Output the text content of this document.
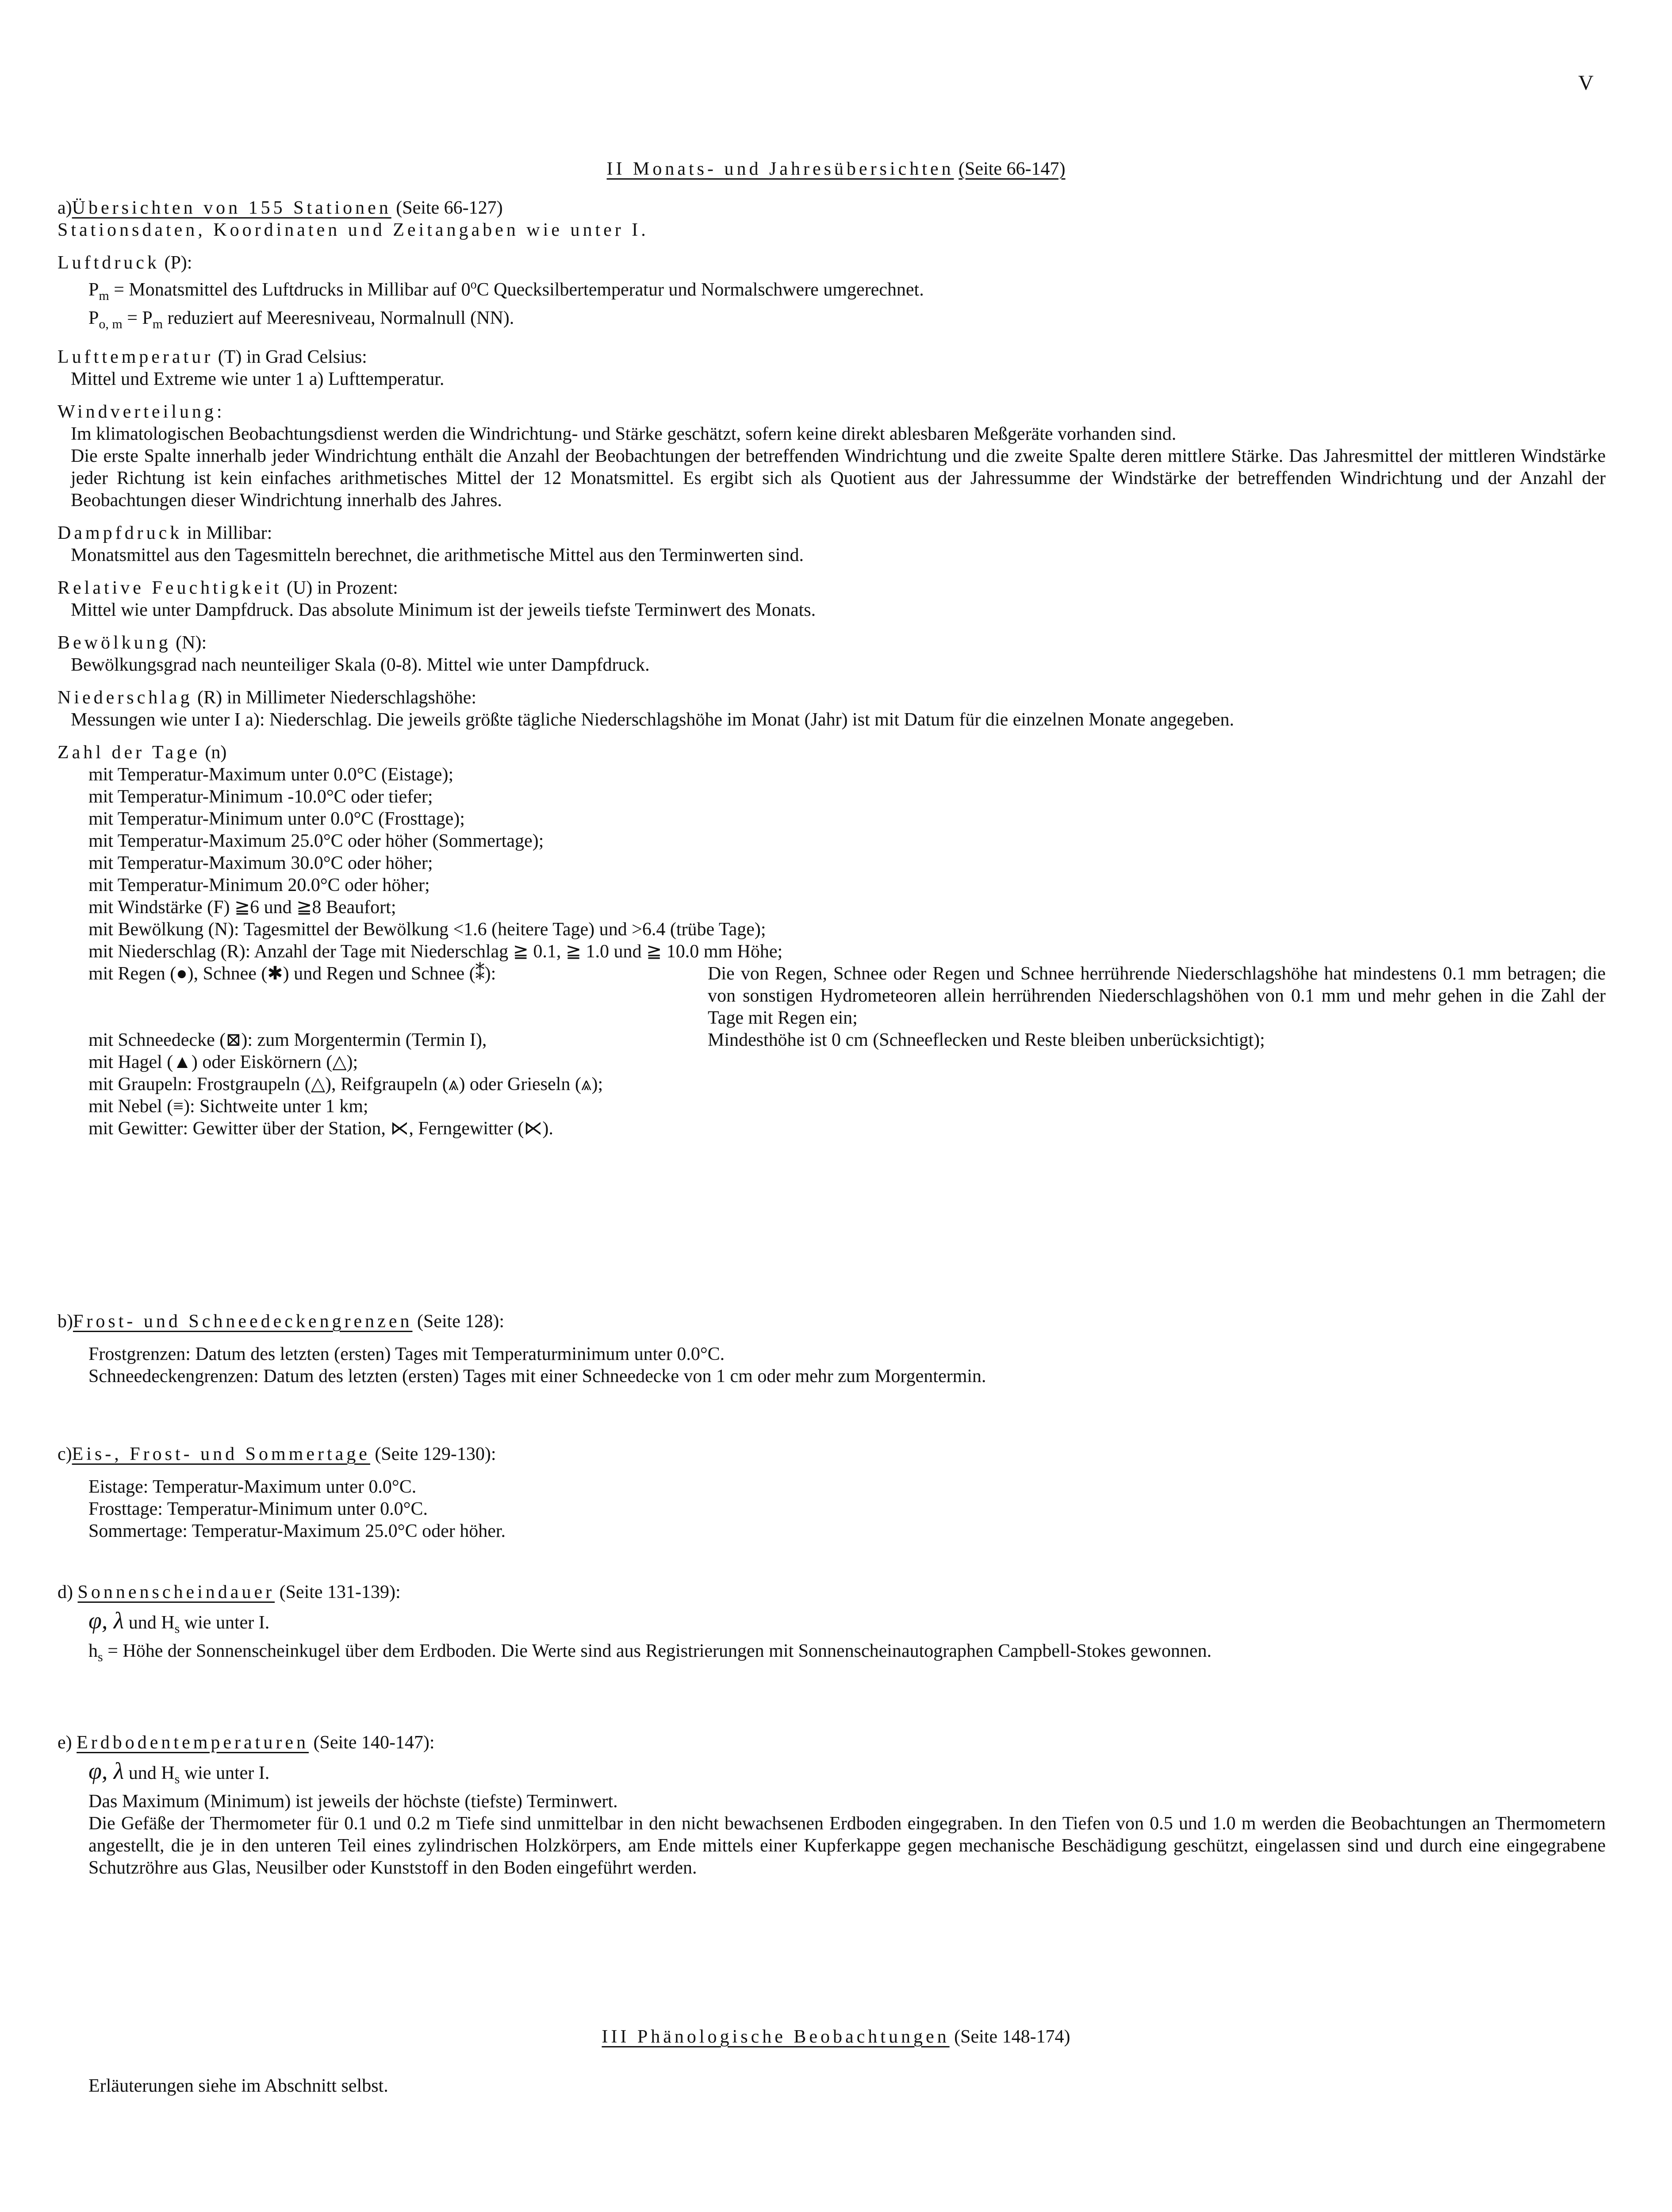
V
II Monats- und Jahresübersichten (Seite 66-147)
a)Übersichten von 155 Stationen (Seite 66-127)
Stationsdaten, Koordinaten und Zeitangaben wie unter I.
Luftdruck (P):
$P_m$ = Monatsmittel des Luftdrucks in Millibar auf 0$^o$C Quecksilbertemperatur und Normalschwere umgerechnet.
$P_{o, m} = P_m$ reduziert auf Meeresniveau, Normalnull (NN).
Lufttemperatur (T) in Grad Celsius:
Mittel und Extreme wie unter 1 a) Lufttemperatur.
Windverteilung:
Im klimatologischen Beobachtungsdienst werden die Windrichtung- und Stärke geschätzt, sofern keine direkt ablesbaren Meßgeräte vorhanden sind.
Die erste Spalte innerhalb jeder Windrichtung enthält die Anzahl der Beobachtungen der betreffenden Windrichtung und die zweite Spalte deren mittlere Stärke. Das Jahresmittel der mittleren Windstärke jeder Richtung ist kein einfaches arithmetisches Mittel der 12 Monatsmittel. Es ergibt sich als Quotient aus der Jahressumme der Windstärke der betreffenden Windrichtung und der Anzahl der Beobachtungen dieser Windrichtung innerhalb des Jahres.
Dampfdruck in Millibar:
Monatsmittel aus den Tagesmitteln berechnet, die arithmetische Mittel aus den Terminwerten sind.
Relative Feuchtigkeit (U) in Prozent:
Mittel wie unter Dampfdruck. Das absolute Minimum ist der jeweils tiefste Terminwert des Monats.
Bewölkung (N):
Bewölkungsgrad nach neunteiliger Skala (0-8). Mittel wie unter Dampfdruck.
Niederschlag (R) in Millimeter Niederschlagshöhe:
Messungen wie unter I a): Niederschlag. Die jeweils größte tägliche Niederschlagshöhe im Monat (Jahr) ist mit Datum für die einzelnen Monate angegeben.
Zahl der Tage (n)
mit Temperatur-Maximum unter 0.0°C (Eistage);
mit Temperatur-Minimum -10.0°C oder tiefer;
mit Temperatur-Minimum unter 0.0°C (Frosttage);
mit Temperatur-Maximum 25.0°C oder höher (Sommertage);
mit Temperatur-Maximum 30.0°C oder höher;
mit Temperatur-Minimum 20.0°C oder höher;
mit Windstärke (F) ≧6 und ≧8 Beaufort;
mit Bewölkung (N): Tagesmittel der Bewölkung <1.6 (heitere Tage) und >6.4 (trübe Tage);
mit Niederschlag (R): Anzahl der Tage mit Niederschlag ≧ 0.1, ≧ 1.0 und ≧ 10.0 mm Höhe;
mit Regen (●), Schnee (✱) und Regen und Schnee (⁑):	Die von Regen, Schnee oder Regen und Schnee herrührende Niederschlagshöhe hat mindestens 0.1 mm betragen; die von sonstigen Hydrometeoren allein herrührenden Niederschlagshöhen von 0.1 mm und mehr gehen in die Zahl der Tage mit Regen ein;
mit Schneedecke (⊠): zum Morgentermin (Termin I),	Mindesthöhe ist 0 cm (Schneeflecken und Reste bleiben unberücksichtigt);
mit Hagel (▲) oder Eiskörnern (△);
mit Graupeln: Frostgraupeln (△), Reifgraupeln (⩓) oder Grieseln (⩓);
mit Nebel (≡): Sichtweite unter 1 km;
mit Gewitter: Gewitter über der Station, ⋉, Ferngewitter (⋉).
b)Frost- und Schneedeckengrenzen (Seite 128):
Frostgrenzen: Datum des letzten (ersten) Tages mit Temperaturminimum unter 0.0°C.
Schneedeckengrenzen: Datum des letzten (ersten) Tages mit einer Schneedecke von 1 cm oder mehr zum Morgentermin.
c)Eis-, Frost- und Sommertage (Seite 129-130):
Eistage: Temperatur-Maximum unter 0.0°C.
Frosttage: Temperatur-Minimum unter 0.0°C.
Sommertage: Temperatur-Maximum 25.0°C oder höher.
d) Sonnenscheindauer (Seite 131-139):
φ, λ und $H_s$ wie unter I.
$h_s$ = Höhe der Sonnenscheinkugel über dem Erdboden. Die Werte sind aus Registrierungen mit Sonnenscheinautographen Campbell-Stokes gewonnen.
e) Erdbodentemperaturen (Seite 140-147):
φ, λ und $H_s$ wie unter I.
Das Maximum (Minimum) ist jeweils der höchste (tiefste) Terminwert.
Die Gefäße der Thermometer für 0.1 und 0.2 m Tiefe sind unmittelbar in den nicht bewachsenen Erdboden eingegraben. In den Tiefen von 0.5 und 1.0 m werden die Beobachtungen an Thermometern angestellt, die je in den unteren Teil eines zylindrischen Holzkörpers, am Ende mittels einer Kupferkappe gegen mechanische Beschädigung geschützt, eingelassen sind und durch eine eingegrabene Schutzröhre aus Glas, Neusilber oder Kunststoff in den Boden eingeführt werden.
III Phänologische Beobachtungen (Seite 148-174)
Erläuterungen siehe im Abschnitt selbst.
